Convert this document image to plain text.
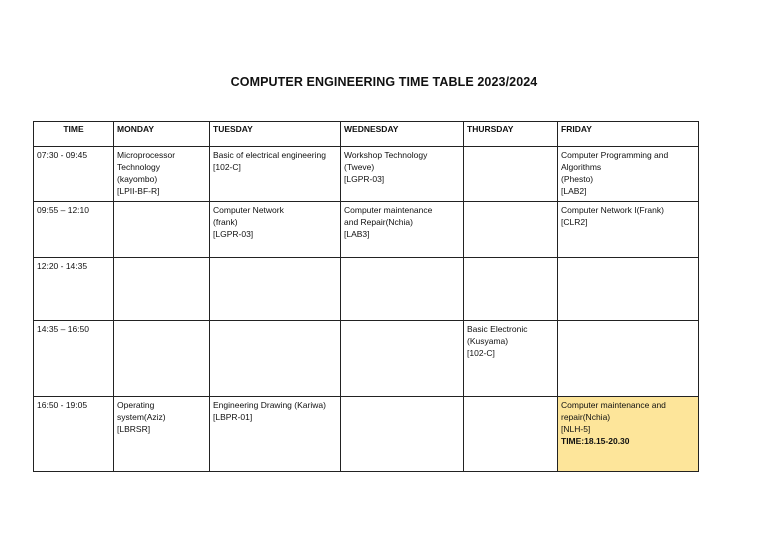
COMPUTER ENGINEERING TIME TABLE 2023/2024
TIME	MONDAY	TUESDAY	WEDNESDAY	THURSDAY	FRIDAY
07:30 - 09:45	Microprocessor
Technology
(kayombo)
[LPII-BF-R]	Basic of electrical engineering
[102-C]	Workshop Technology
(Tweve)
[LGPR-03]		Computer Programming and
Algorithms
(Phesto)
[LAB2]

09:55 – 12:10		Computer Network
(frank)
[LGPR-03]	Computer maintenance
and Repair(Nchia)
[LAB3]		Computer Network I(Frank)
[CLR2]

12:20 - 14:35					
14:35 – 16:50				Basic Electronic
(Kusyama)
[102-C]	

16:50 - 19:05	Operating
system(Aziz)
[LBRSR]	Engineering Drawing (Kariwa)
[LBPR-01]			Computer maintenance and
repair(Nchia)
[NLH-5]
TIME:18.15-20.30
